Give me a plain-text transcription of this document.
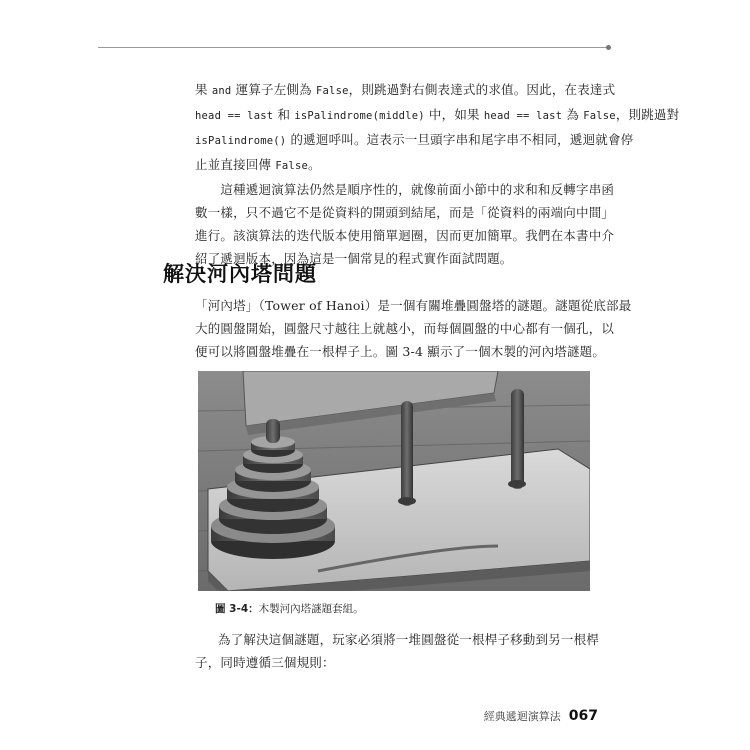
果 and 運算子左側為 False，則跳過對右側表達式的求值。因此，在表達式
head == last 和 isPalindrome(middle) 中，如果 head == last 為 False，則跳過對
isPalindrome() 的遞迴呼叫。這表示一旦頭字串和尾字串不相同，遞迴就會停
止並直接回傳 False。

　　這種遞迴演算法仍然是順序性的，就像前面小節中的求和和反轉字串函
數一樣，只不過它不是從資料的開頭到結尾，而是「從資料的兩端向中間」
進行。該演算法的迭代版本使用簡單迴圈，因而更加簡單。我們在本書中介
紹了遞迴版本，因為這是一個常見的程式實作面試問題。

解決河內塔問題

「河內塔」（Tower of Hanoi）是一個有關堆疊圓盤塔的謎題。謎題從底部最
大的圓盤開始，圓盤尺寸越往上就越小，而每個圓盤的中心都有一個孔，以
便可以將圓盤堆疊在一根桿子上。圖 3-4 顯示了一個木製的河內塔謎題。

圖 3-4：木製河內塔謎題套組。

為了解決這個謎題，玩家必須將一堆圓盤從一根桿子移動到另一根桿
子，同時遵循三個規則：

經典遞迴演算法 067
